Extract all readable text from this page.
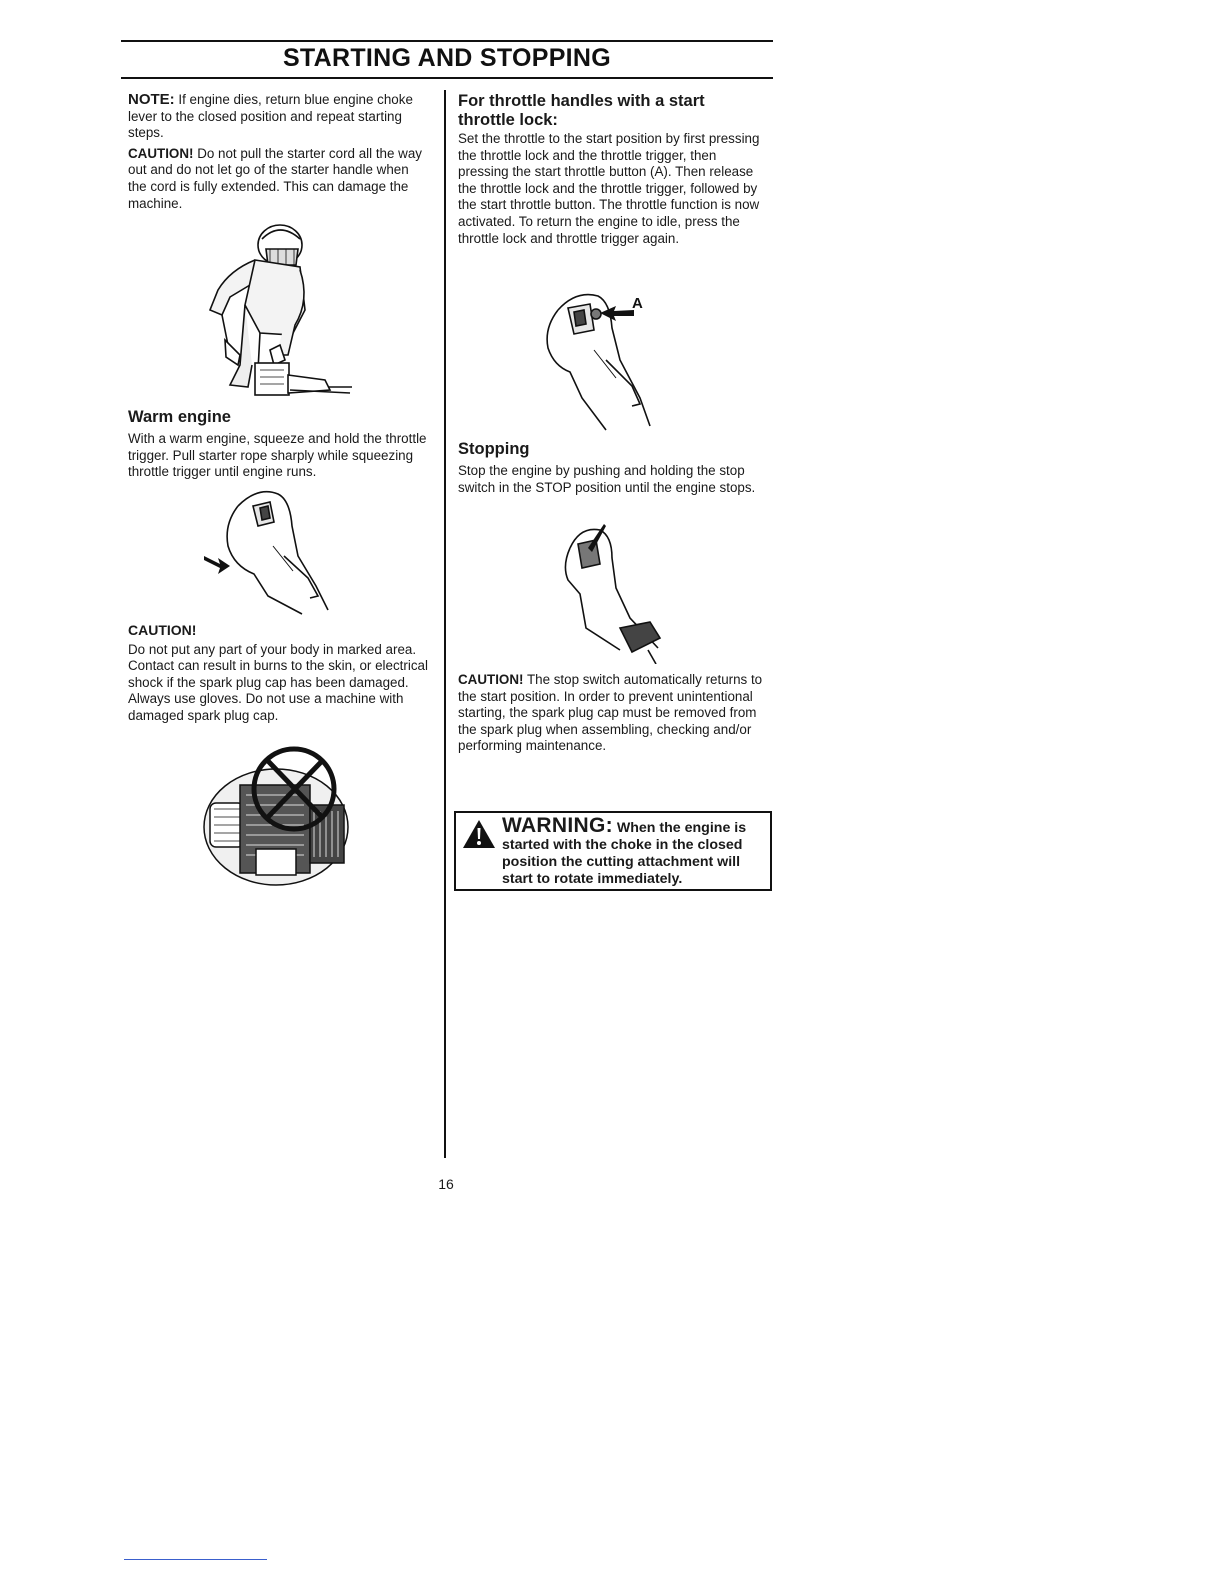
STARTING AND STOPPING

NOTE: If engine dies, return blue engine choke lever to the closed position and repeat starting steps.

CAUTION! Do not pull the starter cord all the way out and do not let go of the starter handle when the cord is fully extended. This can damage the machine.

Warm engine

With a warm engine, squeeze and hold the throttle trigger. Pull starter rope sharply while squeezing throttle trigger until engine runs.

CAUTION!

Do not put any part of your body in marked area. Contact can result in burns to the skin, or electrical shock if the spark plug cap has been damaged. Always use gloves. Do not use a machine with damaged spark plug cap.

For throttle handles with a start throttle lock:

Set the throttle to the start position by first pressing the throttle lock and the throttle trigger, then pressing the start throttle button (A). Then release the throttle lock and the throttle trigger, followed by the start throttle button. The throttle function is now activated. To return the engine to idle, press the throttle lock and throttle trigger again.

A

Stopping

Stop the engine by pushing and holding the stop switch in the STOP position until the engine stops.

CAUTION! The stop switch automatically returns to the start position. In order to prevent unintentional starting, the spark plug cap must be removed from the spark plug when assembling, checking and/or performing maintenance.

WARNING: When the engine is started with the choke in the closed position the cutting attachment will start to rotate immediately.
16
